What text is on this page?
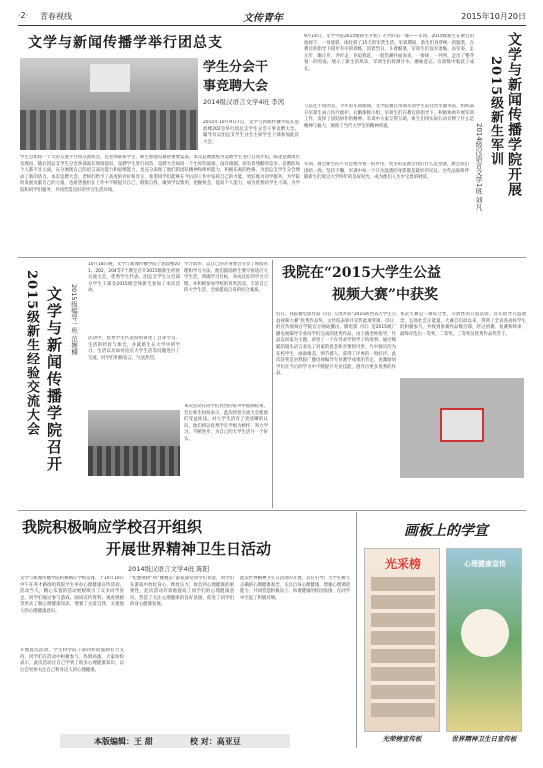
·2· 青春视线	文传青年	2015年10月20日
文学与新闻传播学举行团总支
学生分会干
事竞聘大会
2014级汉语言文学4班 李茜
2015年10月9日7点，文学与新闻传播学院在思政楼202室举行团总支学生分会干事竞聘大会。辅导员吴团总支学生分会主席学生干部参加此次大会。
学生会如同一个大的交流平台和交流机会，是老师联系学生，师生加强沟通的重要渠道。本次竞聘流程为竞聘学生进行自我介绍，陈述竞聘岗位及理由，随后团总支学生分会各部部长现场提问，竞聘学生进行回答，竞聘大会如同一个生好的战场，没有硝烟，却有着残酷的竞争。竞聘的每个人都不甘示弱，充分展现自己的语言表达能力和思维能力，也充分表现了他们的团队精神和组织能力，积极乐观的性格，为团总支学生分会增添了新的活力。本次竞聘大会，老师们给予了高度的评价和肯定，希望同学们能够在今后的工作中发挥自己的才能，更好地为同学服务，为学院的发展贡献自己的力量，也希望他们在工作中不断提升自己，锻炼自我，做到学以致用，把握机会，提高个人能力，成为优秀的学生干部，为学院和同学们服务，共同营造良好的学习生活环境。
9月14日，文学学院2015级新生开始了大学的第一课——军训，2015级新生在教官的指挥下，一身迷彩，体验到了15天的军营生活。军训期间，新生们身穿统一的服装，在教官的指导下稳步有序的训练，顶着烈日，斗着酷暑，军训生们没有退缩，站军姿，走正步，踢正步，齐步走，你追我赶，一股热潮扑面而来，一排排，一列列，走出了整齐划一的英姿，展示了新生的风采，军训生们挥洒汗水，磨砺意志，在训练中收获了成长。
与以往不同的是，今年的军训期间，文学院教官带领军训学生前往饮水服务站，组织部分军训生成立医疗救护、后勤保障小组，军训生们在教官的指导下，积极协助开展军训工作，发挥了团结协作的精神。军训中大家互帮互助，新生们用实际行动诠释了什么是精神与毅力，展现了当代大学生的精神风貌。
军训，教会新生的不仅是整齐划一的步伐，更多的是教会我们什么是坚强，教会我们团结一致、坚持不懈，军训中每一个汗水湿透的身影都是最好的见证。这些品质将伴随新生们度过大学四年的美好时光，成为他们人生中宝贵的财富。	文学与新闻传播学院开展
2015级新生军训
2014级汉语言文学1班 刘凡
文学与新闻传播学院召开
2015级新生经验交流大会	2015级编导一班 范婉楠
10月18日晚，文学与新闻传播学院于思政楼201、202、204等7个教室召开2015级新生经验交流大会，优秀学生代表、团总支学生分会部分学生干部及2015级全体新生参加了本次活动。
活动中，优秀学生代表纷纷讲述了自身学习、生活的经验与体会，并就新生在大学中的学习、生活以及如何适应大学生活等问题进行了交流，同学们积极发言，气氛热烈。
学习软件，以自己的亲身体会分享了时间管理和学习方法，他们鼓励新生要尽快适应大学生活，明确学习目标，养成良好的学习习惯，并积极参加学校的各类活动，丰富自己的大学生活，全面提高自身的综合素质。
本次活动在同学们热烈的掌声中圆满结束，会后新生纷纷表示，此次经验交流大会使他们受益匪浅，对大学生活有了更清晰的认识，他们将以优秀学长学姐为榜样，努力学习，不断进步，为自己的大学生活开一个好头。
我院在“2015大学生公益
视频大赛”中获奖
近日，我院微电影作品《归》入围并获“2015陕西省大学生公益视频大赛”优秀作品奖，文传院表彰并宣传此项奖项，《归》的宣传视频在学院官方网站播出。微电影《归》是2015级广播电视编导专业同学们完成的优秀作品，由王晓老师指导，作品以回家为主题，讲述了一个在外求学的学子的故事，通过细腻的镜头语言表达了对家的思念和亲情的可贵，片中演员均为在校学生，画面唯美，情节感人，获得了评委的一致好评。此次获奖是对我院广播电视编导专业教学成果的肯定，也激励同学们在今后的学习中不断提升专业技能，创作出更多优秀的作品。
本次大赛是一项综合性、开放性的公益活动，旨在倡导公益理念，弘扬社会正能量，大赛自启动以来，得到了全省各高校学生的积极参与，共收到参赛作品数百部，经过初赛、复赛和终审，最终评选出一等奖、二等奖、三等奖及优秀作品奖若干。
我院积极响应学校召开组织
开展世界精神卫生日活动
2014级汉语言文学4班 陈阳
文学与新闻传播学院积极响应学校安排，于10月10日中午在英才路组织我院学生举办心理健康宣传活动，活动当天，精心布置的活动展板吸引了众多同学驻足，同学们通过参与游戏、阅读宣传资料、观看展板等形式了解心理健康知识，增强了关爱自我、关爱他人的心理健康意识。
开展此次活动，学生和学院干部同样的鼓励有力支持，同学们在活动中积极参与，热情高涨，大家纷纷表示，此次活动让自己学到了很多心理健康知识，以后会更加关注自己和身边人的心理健康。
“松弛摇椅”和“叠叠乐”游戏深受同学们喜爱，同学们在游戏中放松身心，释放压力，体会到心理健康的重要性，此次活动有效地提高了同学们的心理健康意识，营造了关注心理健康的良好氛围，促进了同学们的身心健康发展。
此次世界精神卫生日活动的开展，旨在引导广大学生树立正确的心理健康观念，关注自身心理健康，增强心理调适能力，共同营造积极向上、和谐健康的校园氛围，在同学中引起了积极反响。
画板上的学宣
光采榜
光荣榜宣传板
心理健康宣传
世界精神卫生日宣传板
本版编辑：王 甜	校 对：高亚豆
